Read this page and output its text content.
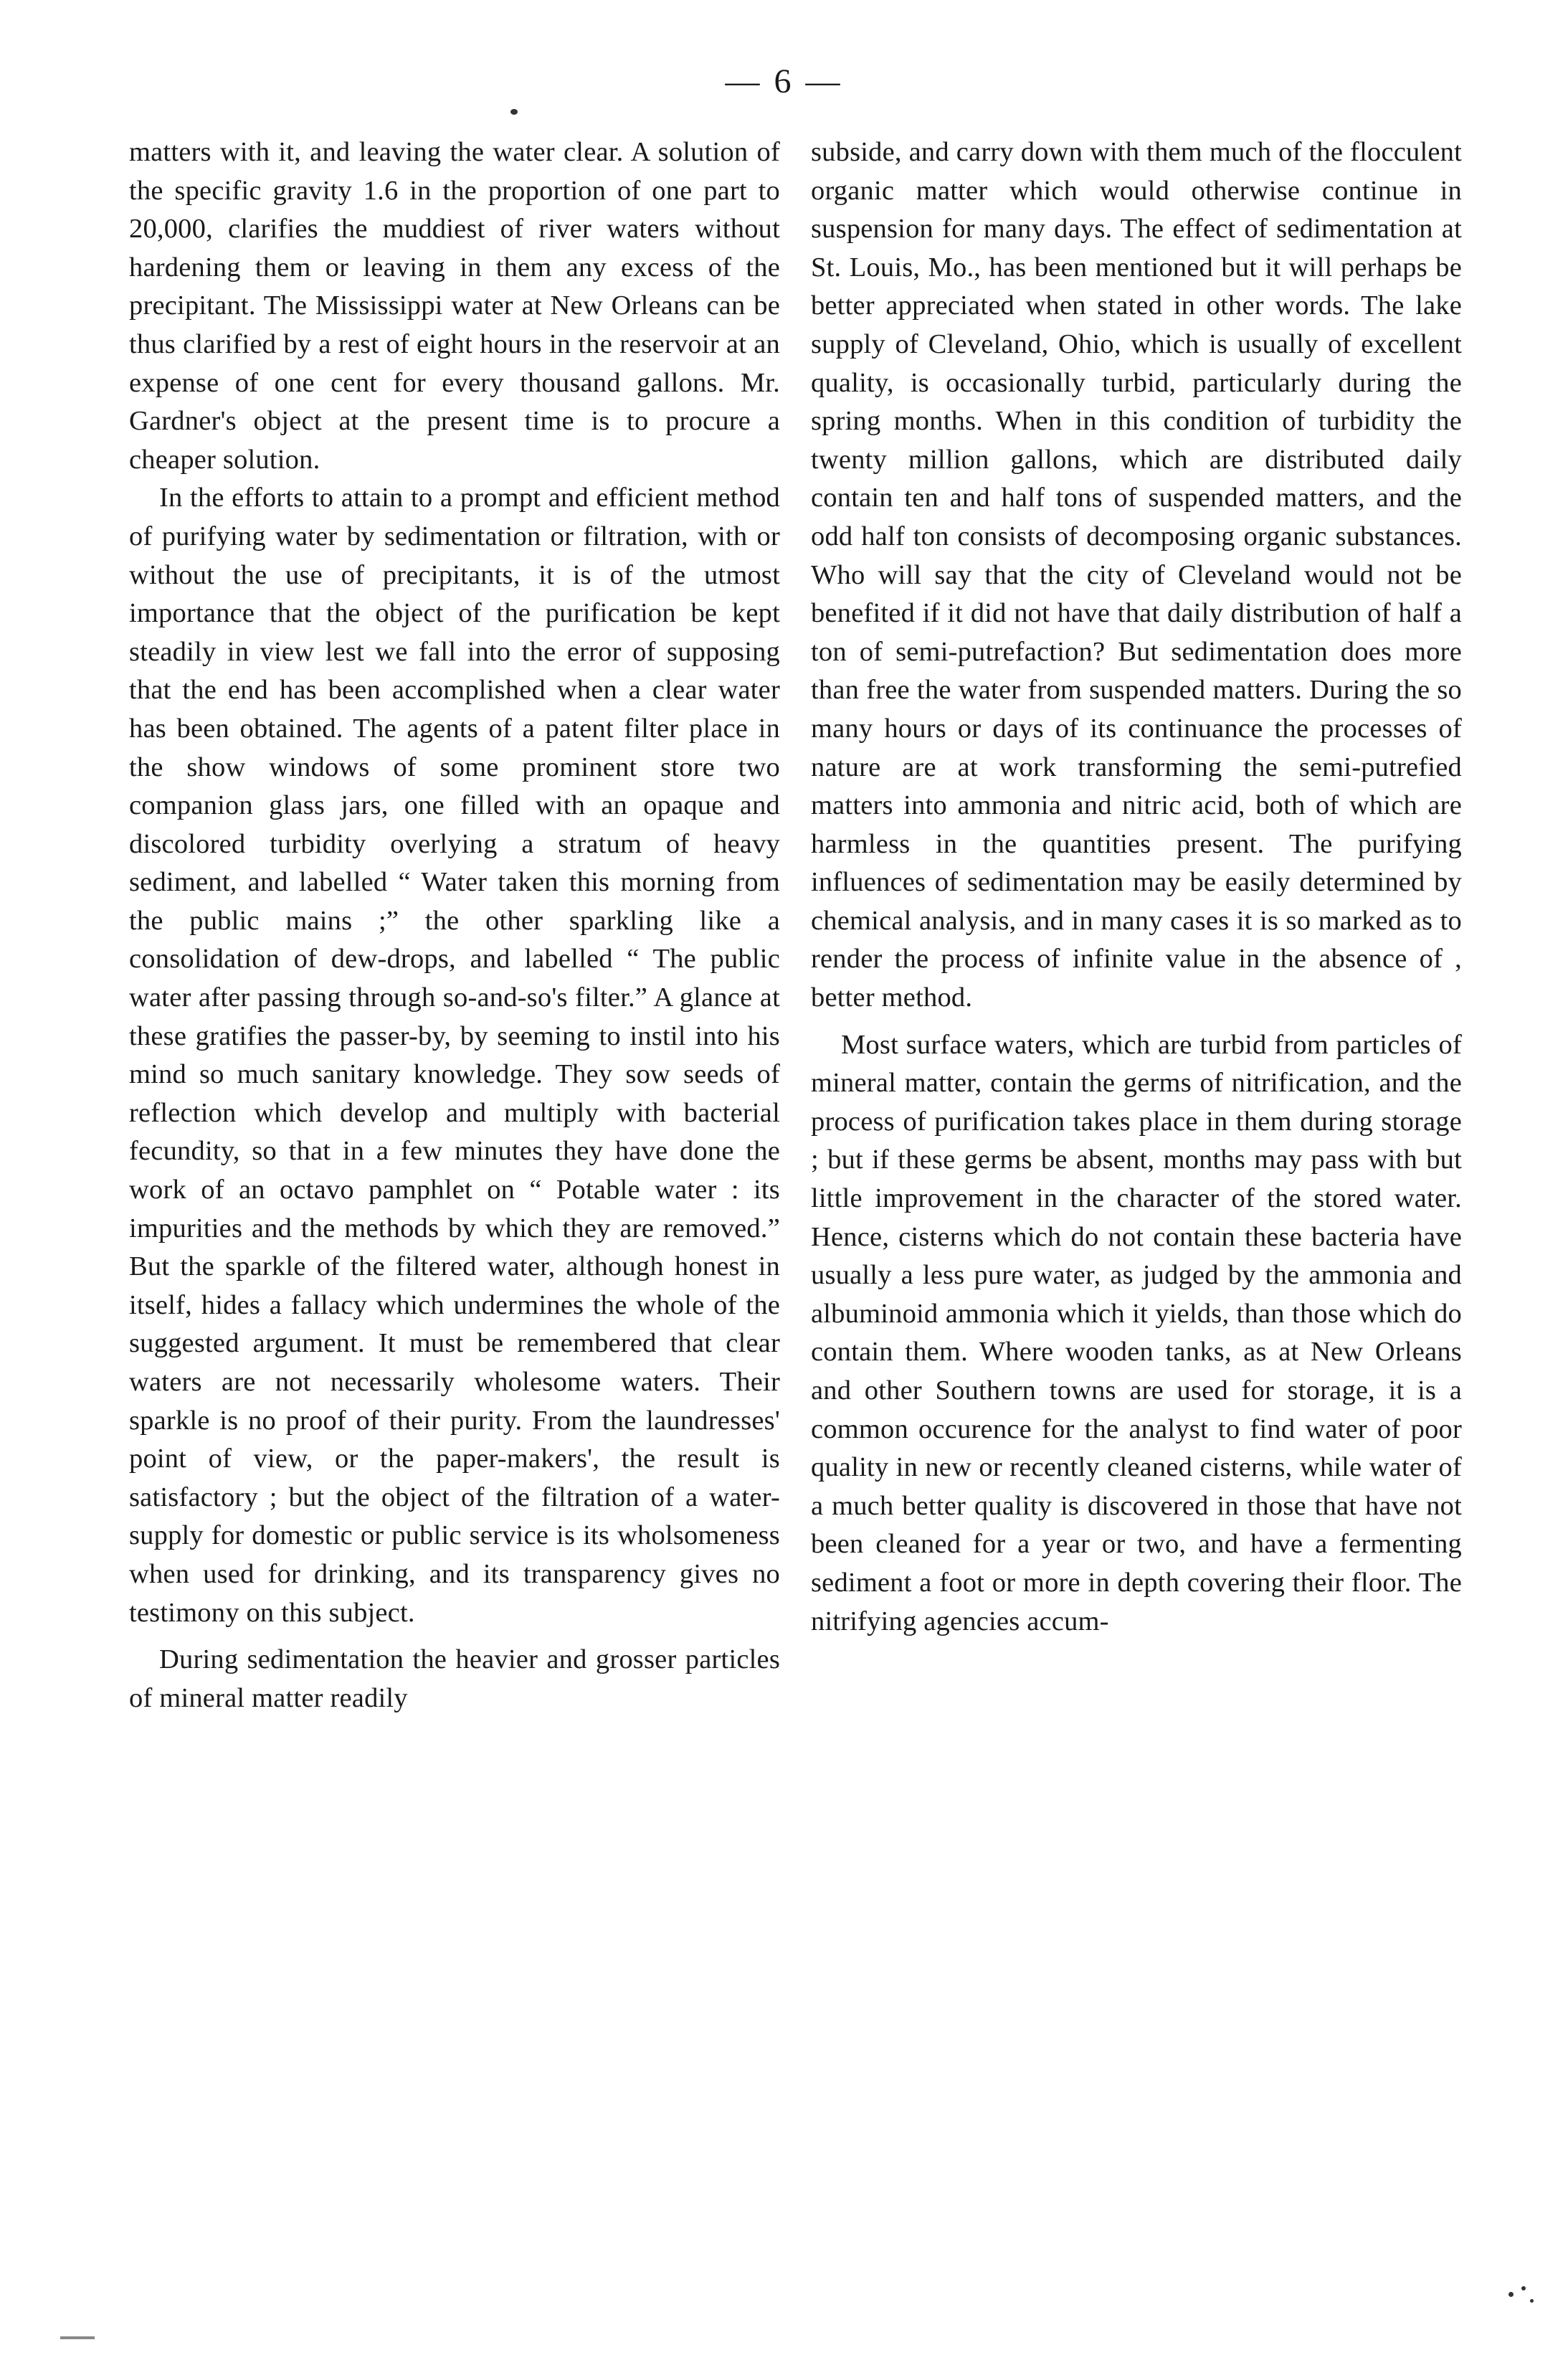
— 6 —

matters with it, and leaving the water clear. A solution of the specific gravity 1.6 in the proportion of one part to 20,000, clarifies the muddiest of river waters without hardening them or leaving in them any excess of the precipitant. The Mississippi water at New Orleans can be thus clarified by a rest of eight hours in the reservoir at an expense of one cent for every thousand gallons. Mr. Gardner's object at the present time is to procure a cheaper solution.

In the efforts to attain to a prompt and efficient method of purifying water by sedimentation or filtration, with or without the use of precipitants, it is of the utmost importance that the object of the purification be kept steadily in view lest we fall into the error of supposing that the end has been accomplished when a clear water has been obtained. The agents of a patent filter place in the show windows of some prominent store two companion glass jars, one filled with an opaque and discolored turbidity overlying a stratum of heavy sediment, and labelled “ Water taken this morning from the public mains ;” the other sparkling like a consolidation of dew-drops, and labelled “ The public water after passing through so-and-so's filter.” A glance at these gratifies the passer-by, by seeming to instil into his mind so much sanitary knowledge. They sow seeds of reflection which develop and multiply with bacterial fecundity, so that in a few minutes they have done the work of an octavo pamphlet on “ Potable water : its impurities and the methods by which they are removed.” But the sparkle of the filtered water, although honest in itself, hides a fallacy which undermines the whole of the suggested argument. It must be remembered that clear waters are not necessarily wholesome waters. Their sparkle is no proof of their purity. From the laundresses' point of view, or the paper-makers', the result is satisfactory ; but the object of the filtration of a water-supply for domestic or public service is its wholsomeness when used for drinking, and its transparency gives no testimony on this subject.

During sedimentation the heavier and grosser particles of mineral matter readily

subside, and carry down with them much of the flocculent organic matter which would otherwise continue in suspension for many days. The effect of sedimentation at St. Louis, Mo., has been mentioned but it will perhaps be better appreciated when stated in other words. The lake supply of Cleveland, Ohio, which is usually of excellent quality, is occasionally turbid, particularly during the spring months. When in this condition of turbidity the twenty million gallons, which are distributed daily contain ten and half tons of suspended matters, and the odd half ton consists of decomposing organic substances. Who will say that the city of Cleveland would not be benefited if it did not have that daily distribution of half a ton of semi-putrefaction? But sedimentation does more than free the water from suspended matters. During the so many hours or days of its continuance the processes of nature are at work transforming the semi-putrefied matters into ammonia and nitric acid, both of which are harmless in the quantities present. The purifying influences of sedimentation may be easily determined by chemical analysis, and in many cases it is so marked as to render the process of infinite value in the absence of , better method.

Most surface waters, which are turbid from particles of mineral matter, contain the germs of nitrification, and the process of purification takes place in them during storage ; but if these germs be absent, months may pass with but little improvement in the character of the stored water. Hence, cisterns which do not contain these bacteria have usually a less pure water, as judged by the ammonia and albuminoid ammonia which it yields, than those which do contain them. Where wooden tanks, as at New Orleans and other Southern towns are used for storage, it is a common occurence for the analyst to find water of poor quality in new or recently cleaned cisterns, while water of a much better quality is discovered in those that have not been cleaned for a year or two, and have a fermenting sediment a foot or more in depth covering their floor. The nitrifying agencies accum-
